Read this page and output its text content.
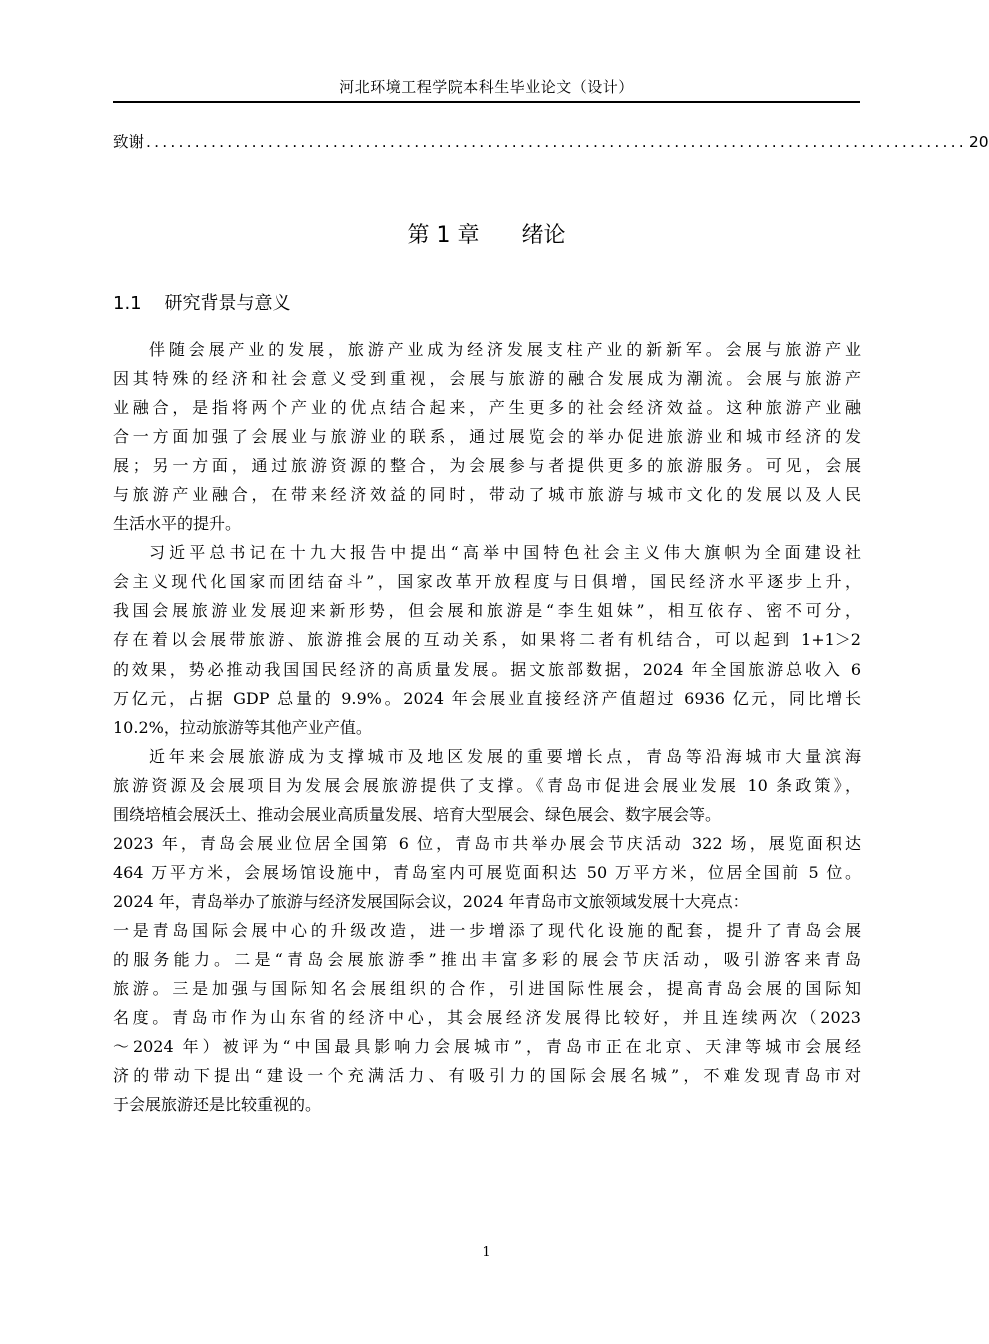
河北环境工程学院本科生毕业论文（设计）
致谢 ..................................................................................................... 20
第 1 章      绪论
1.1    研究背景与意义
伴随会展产业的发展，旅游产业成为经济发展支柱产业的新新军。会展与旅游产业
因其特殊的经济和社会意义受到重视，会展与旅游的融合发展成为潮流。会展与旅游产
业融合，是指将两个产业的优点结合起来，产生更多的社会经济效益。这种旅游产业融
合一方面加强了会展业与旅游业的联系，通过展览会的举办促进旅游业和城市经济的发
展；另一方面，通过旅游资源的整合，为会展参与者提供更多的旅游服务。可见，会展
与旅游产业融合，在带来经济效益的同时，带动了城市旅游与城市文化的发展以及人民
生活水平的提升。
习近平总书记在十九大报告中提出“高举中国特色社会主义伟大旗帜为全面建设社
会主义现代化国家而团结奋斗”，国家改革开放程度与日俱增，国民经济水平逐步上升，
我国会展旅游业发展迎来新形势，但会展和旅游是“李生姐妹”，相互依存、密不可分，
存在着以会展带旅游、旅游推会展的互动关系，如果将二者有机结合，可以起到 1+1＞2
的效果，势必推动我国国民经济的高质量发展。据文旅部数据，2024 年全国旅游总收入 6
万亿元，占据 GDP 总量的 9.9%。2024 年会展业直接经济产值超过 6936 亿元，同比增长
10.2%，拉动旅游等其他产业产值。
近年来会展旅游成为支撑城市及地区发展的重要增长点，青岛等沿海城市大量滨海
旅游资源及会展项目为发展会展旅游提供了支撑。《青岛市促进会展业发展 10 条政策》，
围绕培植会展沃土、推动会展业高质量发展、培育大型展会、绿色展会、数字展会等。
2023 年，青岛会展业位居全国第 6 位，青岛市共举办展会节庆活动 322 场，展览面积达
464 万平方米，会展场馆设施中，青岛室内可展览面积达 50 万平方米，位居全国前 5 位。
2024 年，青岛举办了旅游与经济发展国际会议，2024 年青岛市文旅领域发展十大亮点：
一是青岛国际会展中心的升级改造，进一步增添了现代化设施的配套，提升了青岛会展
的服务能力。二是“青岛会展旅游季”推出丰富多彩的展会节庆活动，吸引游客来青岛
旅游。三是加强与国际知名会展组织的合作，引进国际性展会，提高青岛会展的国际知
名度。青岛市作为山东省的经济中心，其会展经济发展得比较好，并且连续两次（2023
～2024 年）被评为“中国最具影响力会展城市”，青岛市正在北京、天津等城市会展经
济的带动下提出“建设一个充满活力、有吸引力的国际会展名城”，不难发现青岛市对
于会展旅游还是比较重视的。
1
